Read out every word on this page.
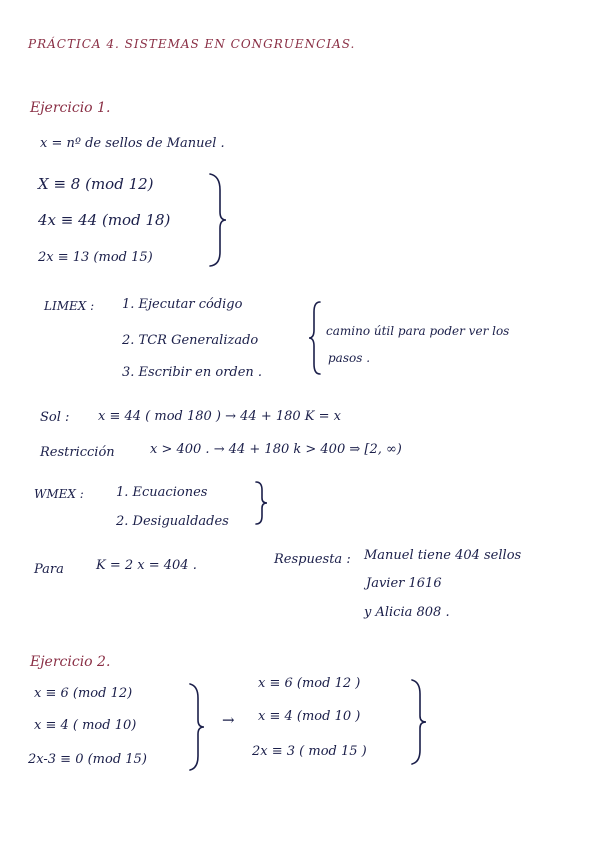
PRÁCTICA 4. SISTEMAS EN CONGRUENCIAS.
Ejercicio 1.
x = nº de sellos de Manuel .
X ≡ 8 (mod 12)
4x ≡ 44 (mod 18)
2x ≡ 13 (mod 15)
LIMEX : 1. Ejecutar código
2. TCR Generalizado
3. Escribir en orden .
camino útil para poder ver los
pasos .
Sol : x ≡ 44 ( mod 180 ) → 44 + 180 K = x
Restricción	x > 400 . → 44 + 180 k > 400 ⇒ [2, ∞)
WMEX : 1. Ecuaciones
2. Desigualdades
Para K = 2 x = 404 .	Respuesta : Manuel tiene 404 sellos
Javier 1616
y Alicia 808 .
Ejercicio 2.
x ≡ 6 (mod 12)
x ≡ 4 ( mod 10)
2x-3 ≡ 0 (mod 15)
→
x ≡ 6 (mod 12 )
x ≡ 4 (mod 10 )
2x ≡ 3 ( mod 15 )
